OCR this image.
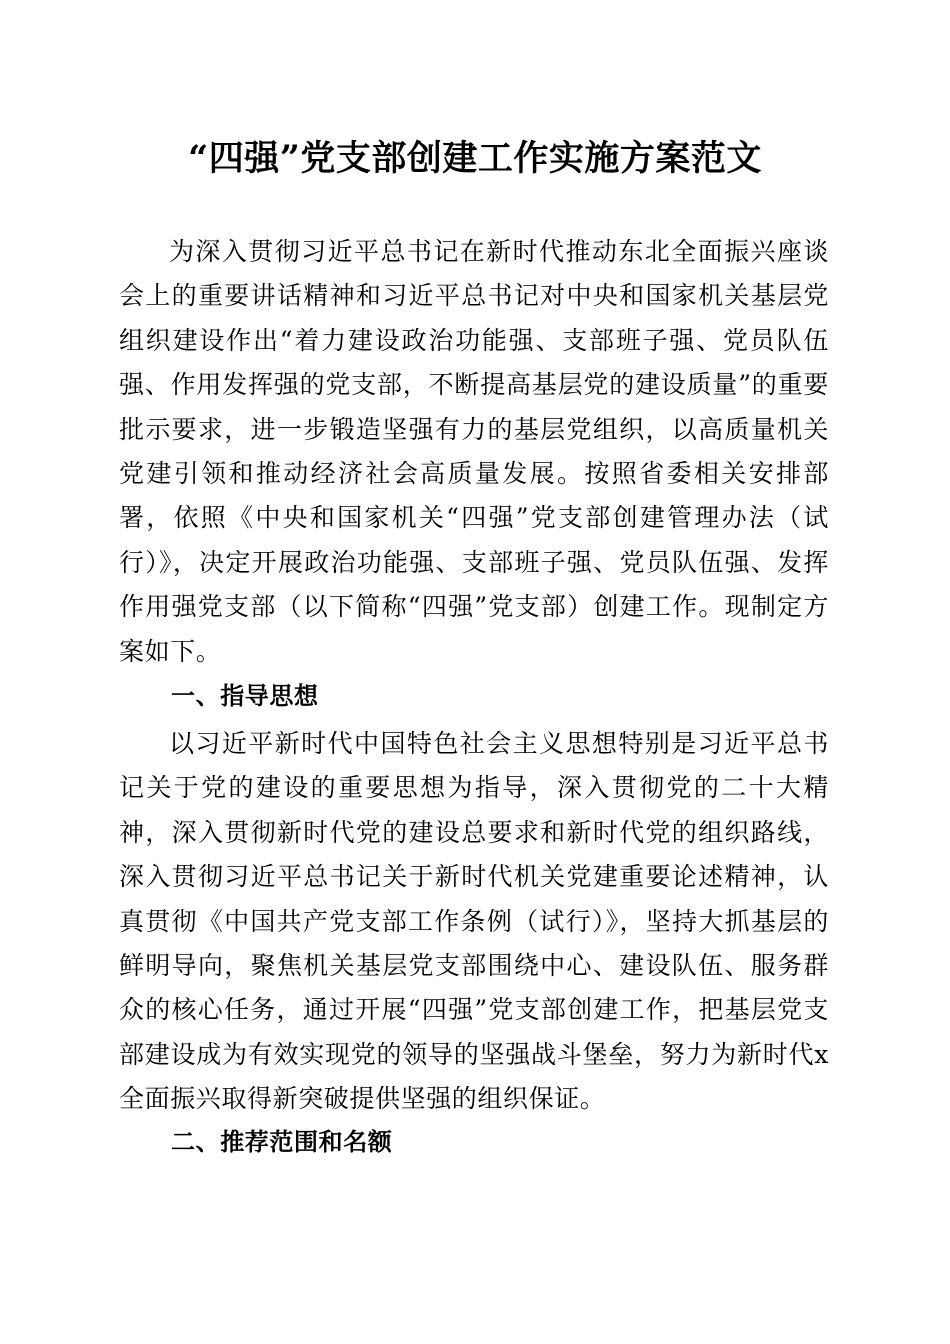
“四强”党支部创建工作实施方案范文
为深入贯彻习近平总书记在新时代推动东北全面振兴座谈会上的重要讲话精神和习近平总书记对中央和国家机关基层党组织建设作出“着力建设政治功能强、支部班子强、党员队伍强、作用发挥强的党支部，不断提高基层党的建设质量”的重要批示要求，进一步锻造坚强有力的基层党组织，以高质量机关党建引领和推动经济社会高质量发展。按照省委相关安排部署，依照《中央和国家机关“四强”党支部创建管理办法（试行）》，决定开展政治功能强、支部班子强、党员队伍强、发挥作用强党支部（以下简称“四强”党支部）创建工作。现制定方案如下。
一、指导思想
以习近平新时代中国特色社会主义思想特别是习近平总书记关于党的建设的重要思想为指导，深入贯彻党的二十大精神，深入贯彻新时代党的建设总要求和新时代党的组织路线，深入贯彻习近平总书记关于新时代机关党建重要论述精神，认真贯彻《中国共产党支部工作条例（试行）》，坚持大抓基层的鲜明导向，聚焦机关基层党支部围绕中心、建设队伍、服务群众的核心任务，通过开展“四强”党支部创建工作，把基层党支部建设成为有效实现党的领导的坚强战斗堡垒，努力为新时代x全面振兴取得新突破提供坚强的组织保证。
二、推荐范围和名额
